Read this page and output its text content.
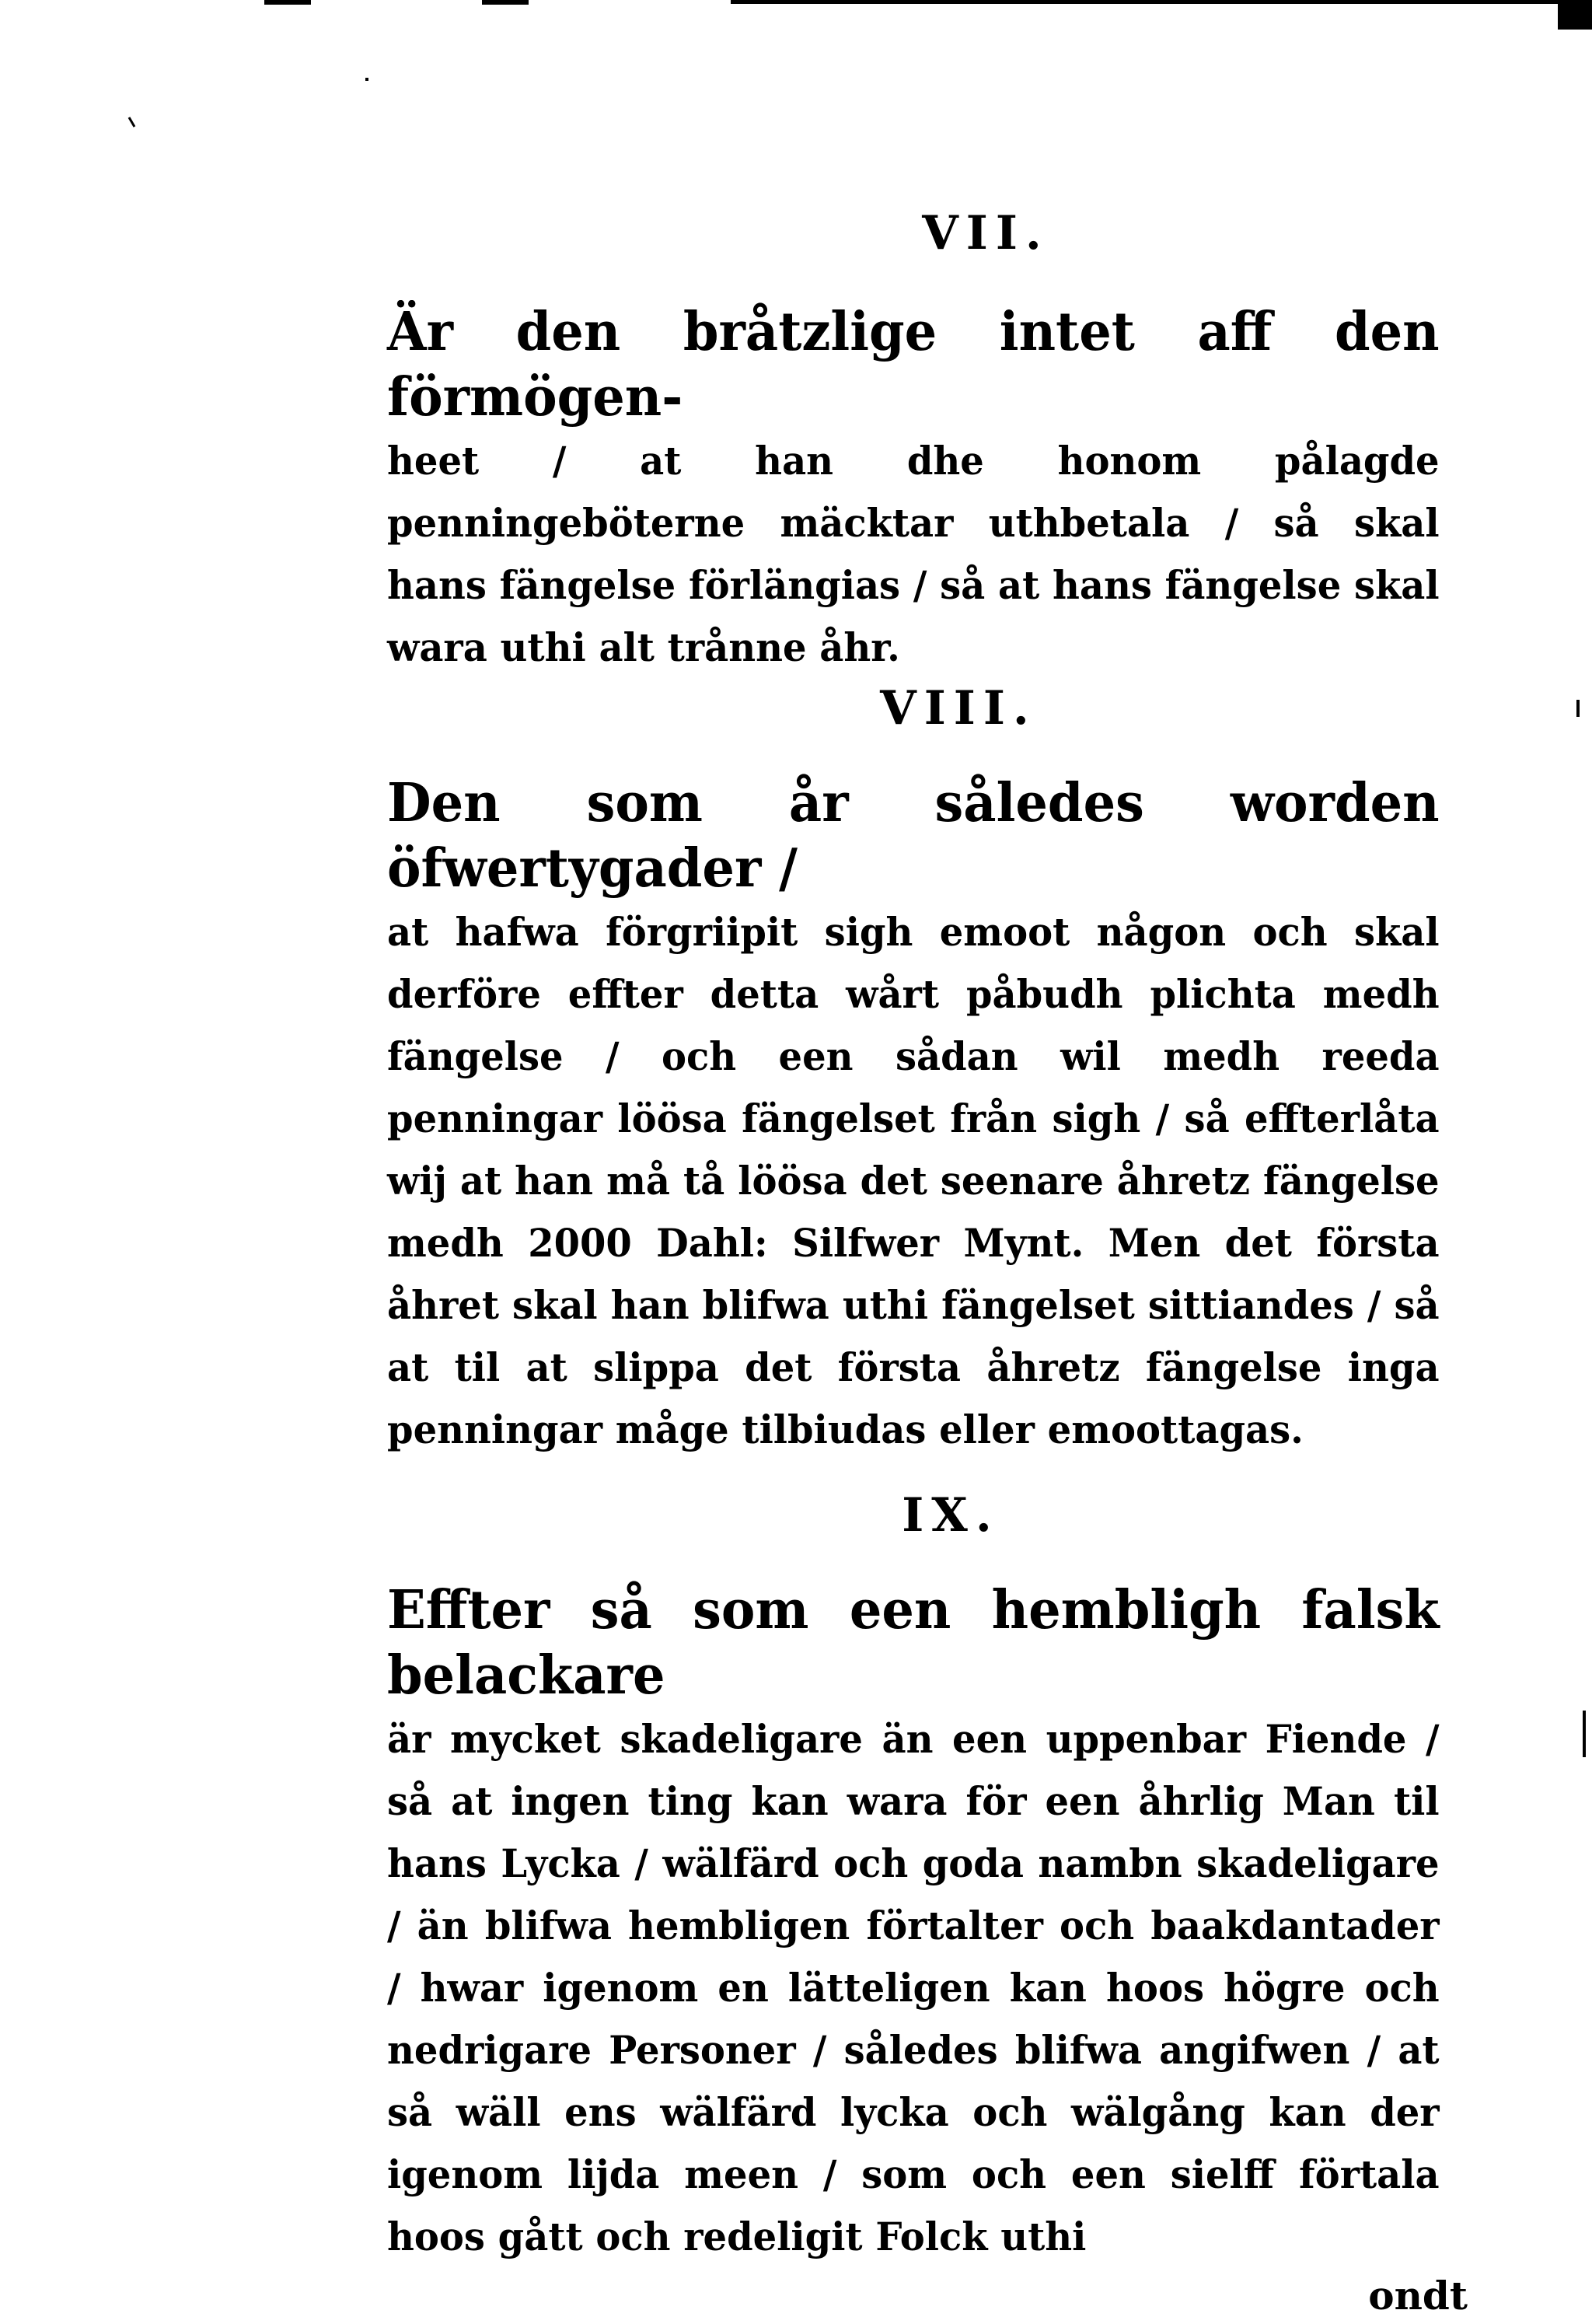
VII.
Är den bråtzlige intet aff den förmögen-
heet / at han dhe honom pålagde penningeböterne mäcktar uthbetala / så skal hans fängelse förlängias / så at hans fängelse skal wara uthi alt trånne åhr.
VIII.
Den som år således worden öfwertygader /
at hafwa förgriipit sigh emoot någon och skal derföre effter detta wårt påbudh plichta medh fängelse / och een sådan wil medh reeda penningar löösa fängelset från sigh / så effterlåta wij at han må tå löösa det seenare åhretz fängelse medh 2000 Dahl: Silfwer Mynt. Men det första åhret skal han blifwa uthi fängelset sittiandes / så at til at slippa det första åhretz fängelse inga penningar måge tilbiudas eller emoottagas.
IX.
Effter så som een hembligh falsk belackare
är mycket skadeligare än een uppenbar Fiende / så at ingen ting kan wara för een åhrlig Man til hans Lycka / wälfärd och goda nambn skadeligare / än blifwa hembligen förtalter och baakdantader / hwar igenom en lätteligen kan hoos högre och nedrigare Personer / således blifwa angifwen / at så wäll ens wälfärd lycka och wälgång kan der igenom lijda meen / som och een sielff förtala hoos gått och redeligit Folck uthi
ondt
